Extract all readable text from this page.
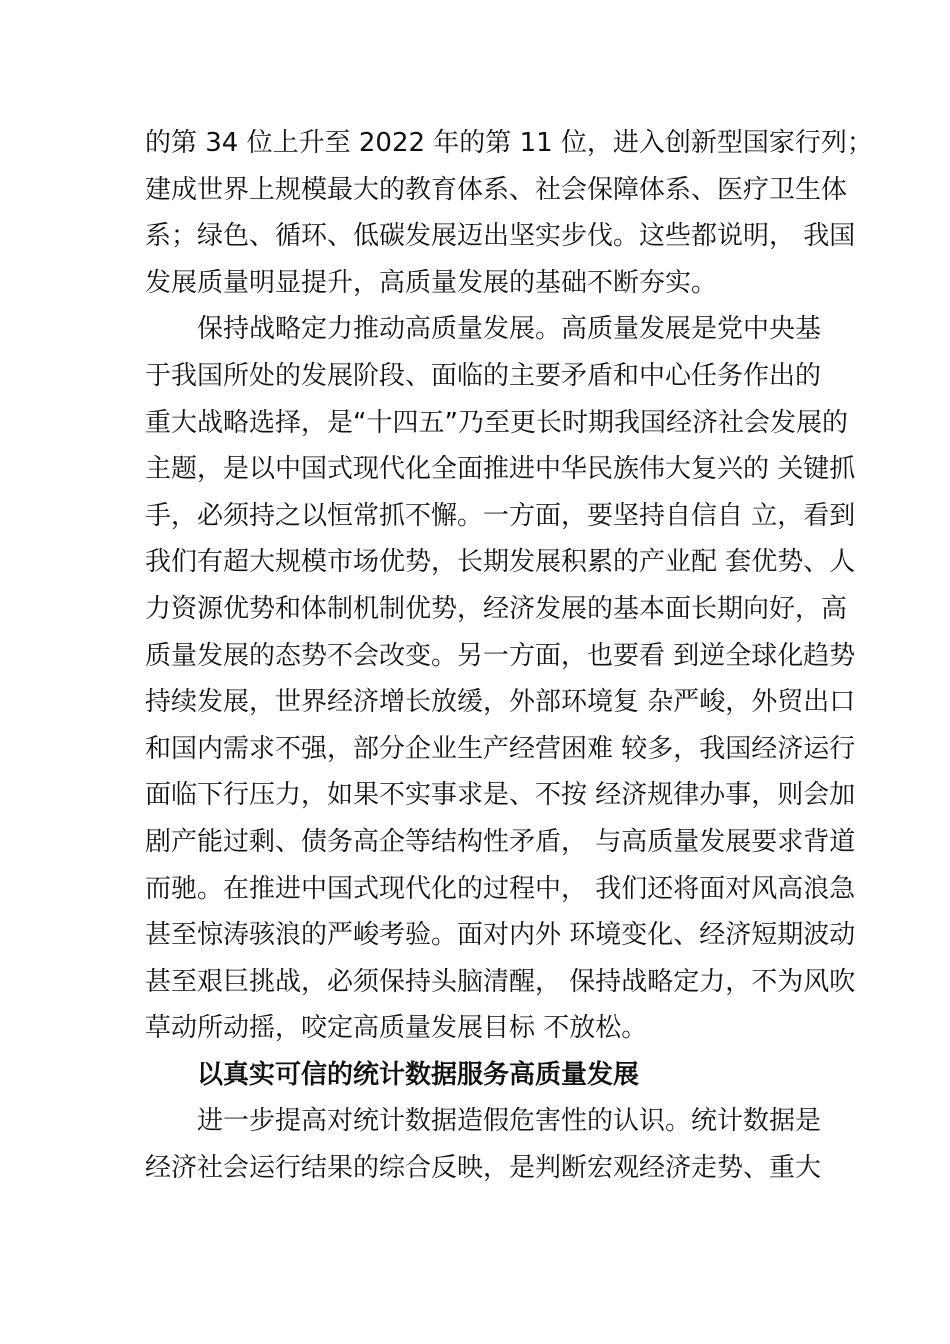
的第 34 位上升至 2022 年的第 11 位，进入创新型国家行列；
建成世界上规模最大的教育体系、社会保障体系、医疗卫生体
系；绿色、循环、低碳发展迈出坚实步伐。这些都说明， 我国
发展质量明显提升，高质量发展的基础不断夯实。
保持战略定力推动高质量发展。高质量发展是党中央基
于我国所处的发展阶段、面临的主要矛盾和中心任务作出的
重大战略选择，是“十四五”乃至更长时期我国经济社会发展的
主题，是以中国式现代化全面推进中华民族伟大复兴的 关键抓
手，必须持之以恒常抓不懈。一方面，要坚持自信自 立，看到
我们有超大规模市场优势，长期发展积累的产业配 套优势、人
力资源优势和体制机制优势，经济发展的基本面长期向好，高
质量发展的态势不会改变。另一方面，也要看 到逆全球化趋势
持续发展，世界经济增长放缓，外部环境复 杂严峻，外贸出口
和国内需求不强，部分企业生产经营困难 较多，我国经济运行
面临下行压力，如果不实事求是、不按 经济规律办事，则会加
剧产能过剩、债务高企等结构性矛盾， 与高质量发展要求背道
而驰。在推进中国式现代化的过程中， 我们还将面对风高浪急
甚至惊涛骇浪的严峻考验。面对内外 环境变化、经济短期波动
甚至艰巨挑战，必须保持头脑清醒， 保持战略定力，不为风吹
草动所动摇，咬定高质量发展目标 不放松。
以真实可信的统计数据服务高质量发展
进一步提高对统计数据造假危害性的认识。统计数据是
经济社会运行结果的综合反映，是判断宏观经济走势、重大
